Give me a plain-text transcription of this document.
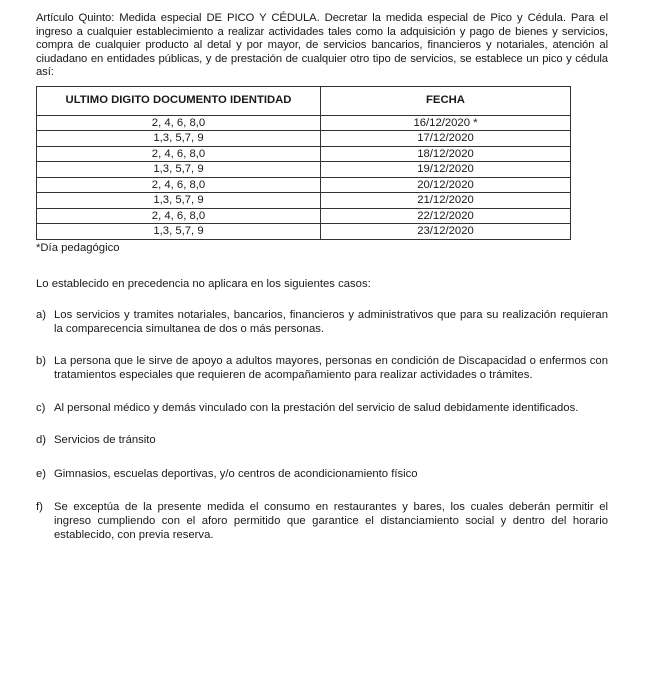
Artículo Quinto: Medida especial DE PICO Y CÉDULA. Decretar la medida especial de Pico y Cédula. Para el ingreso a cualquier establecimiento a realizar actividades tales como la adquisición y pago de bienes y servicios, compra de cualquier producto al detal y por mayor, de servicios bancarios, financieros y notariales, atención al ciudadano en entidades públicas, y de prestación de cualquier otro tipo de servicios, se establece un pico y cédula así:

ULTIMO DIGITO DOCUMENTO IDENTIDAD	FECHA
2, 4, 6, 8,0	16/12/2020 *
1,3, 5,7, 9	17/12/2020
2, 4, 6, 8,0	18/12/2020
1,3, 5,7, 9	19/12/2020
2, 4, 6, 8,0	20/12/2020
1,3, 5,7, 9	21/12/2020
2, 4, 6, 8,0	22/12/2020
1,3, 5,7, 9	23/12/2020

*Día pedagógico

Lo establecido en precedencia no aplicara en los siguientes casos:

a) Los servicios y tramites notariales, bancarios, financieros y administrativos que para su realización requieran la comparecencia simultanea de dos o más personas.
b) La persona que le sirve de apoyo a adultos mayores, personas en condición de Discapacidad o enfermos con tratamientos especiales que requieren de acompañamiento para realizar actividades o trámites.
c) Al personal médico y demás vinculado con la prestación del servicio de salud debidamente identificados.
d) Servicios de tránsito
e) Gimnasios, escuelas deportivas, y/o centros de acondicionamiento físico
f) Se exceptúa de la presente medida el consumo en restaurantes y bares, los cuales deberán permitir el ingreso cumpliendo con el aforo permitido que garantice el distanciamiento social y dentro del horario establecido, con previa reserva.
